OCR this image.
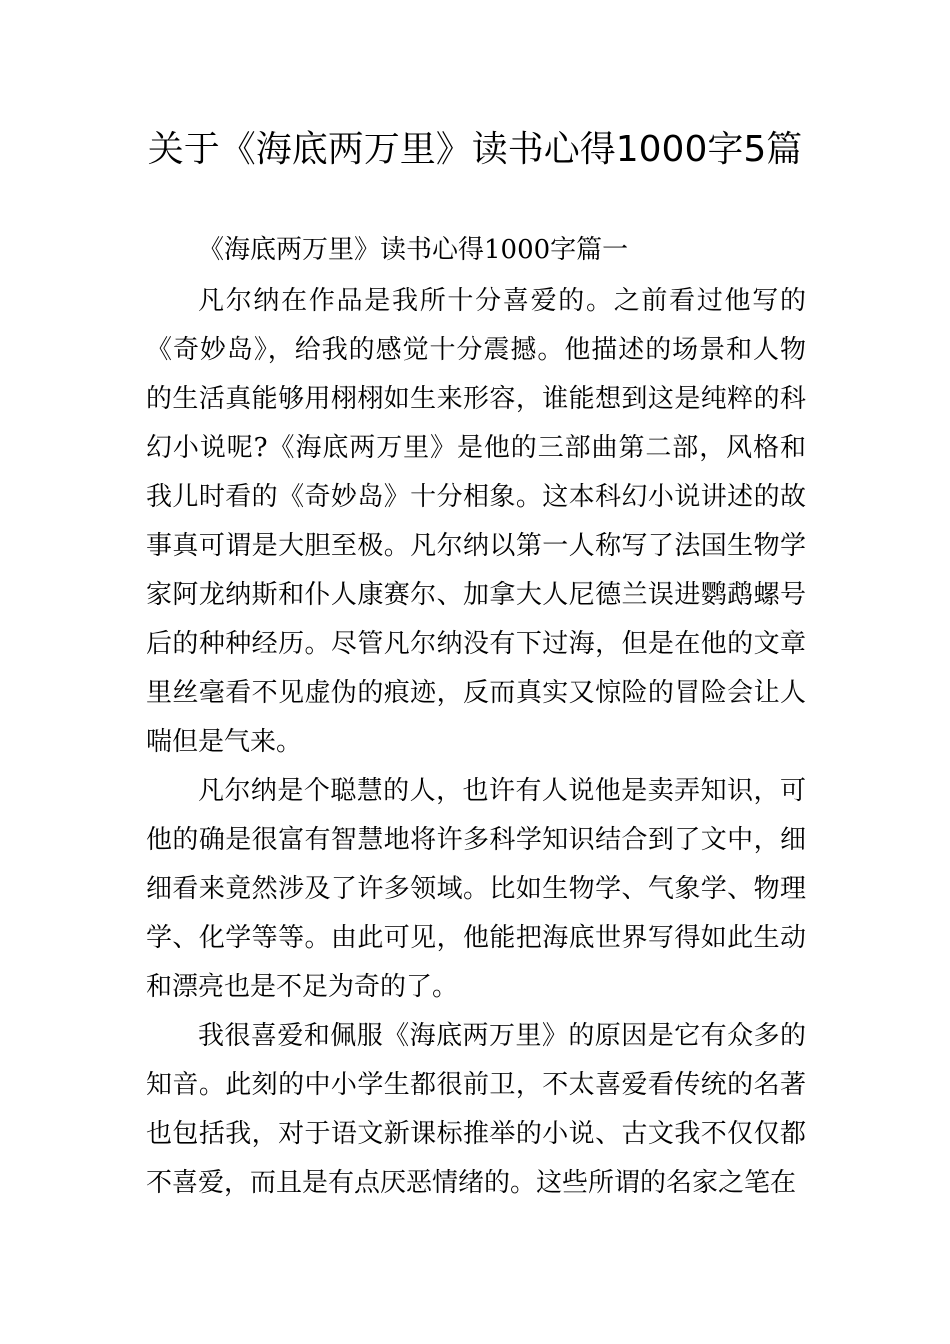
关于《海底两万里》读书心得1000字5篇

《海底两万里》读书心得1000字篇一

凡尔纳在作品是我所十分喜爱的。之前看过他写的《奇妙岛》，给我的感觉十分震撼。他描述的场景和人物的生活真能够用栩栩如生来形容，谁能想到这是纯粹的科幻小说呢?《海底两万里》是他的三部曲第二部，风格和我儿时看的《奇妙岛》十分相象。这本科幻小说讲述的故事真可谓是大胆至极。凡尔纳以第一人称写了法国生物学家阿龙纳斯和仆人康赛尔、加拿大人尼德兰误进鹦鹉螺号后的种种经历。尽管凡尔纳没有下过海，但是在他的文章里丝毫看不见虚伪的痕迹，反而真实又惊险的冒险会让人喘但是气来。

凡尔纳是个聪慧的人，也许有人说他是卖弄知识，可他的确是很富有智慧地将许多科学知识结合到了文中，细细看来竟然涉及了许多领域。比如生物学、气象学、物理学、化学等等。由此可见，他能把海底世界写得如此生动和漂亮也是不足为奇的了。

我很喜爱和佩服《海底两万里》的原因是它有众多的知音。此刻的中小学生都很前卫，不太喜爱看传统的名著也包括我，对于语文新课标推举的小说、古文我不仅仅都不喜爱，而且是有点厌恶情绪的。这些所谓的名家之笔在
